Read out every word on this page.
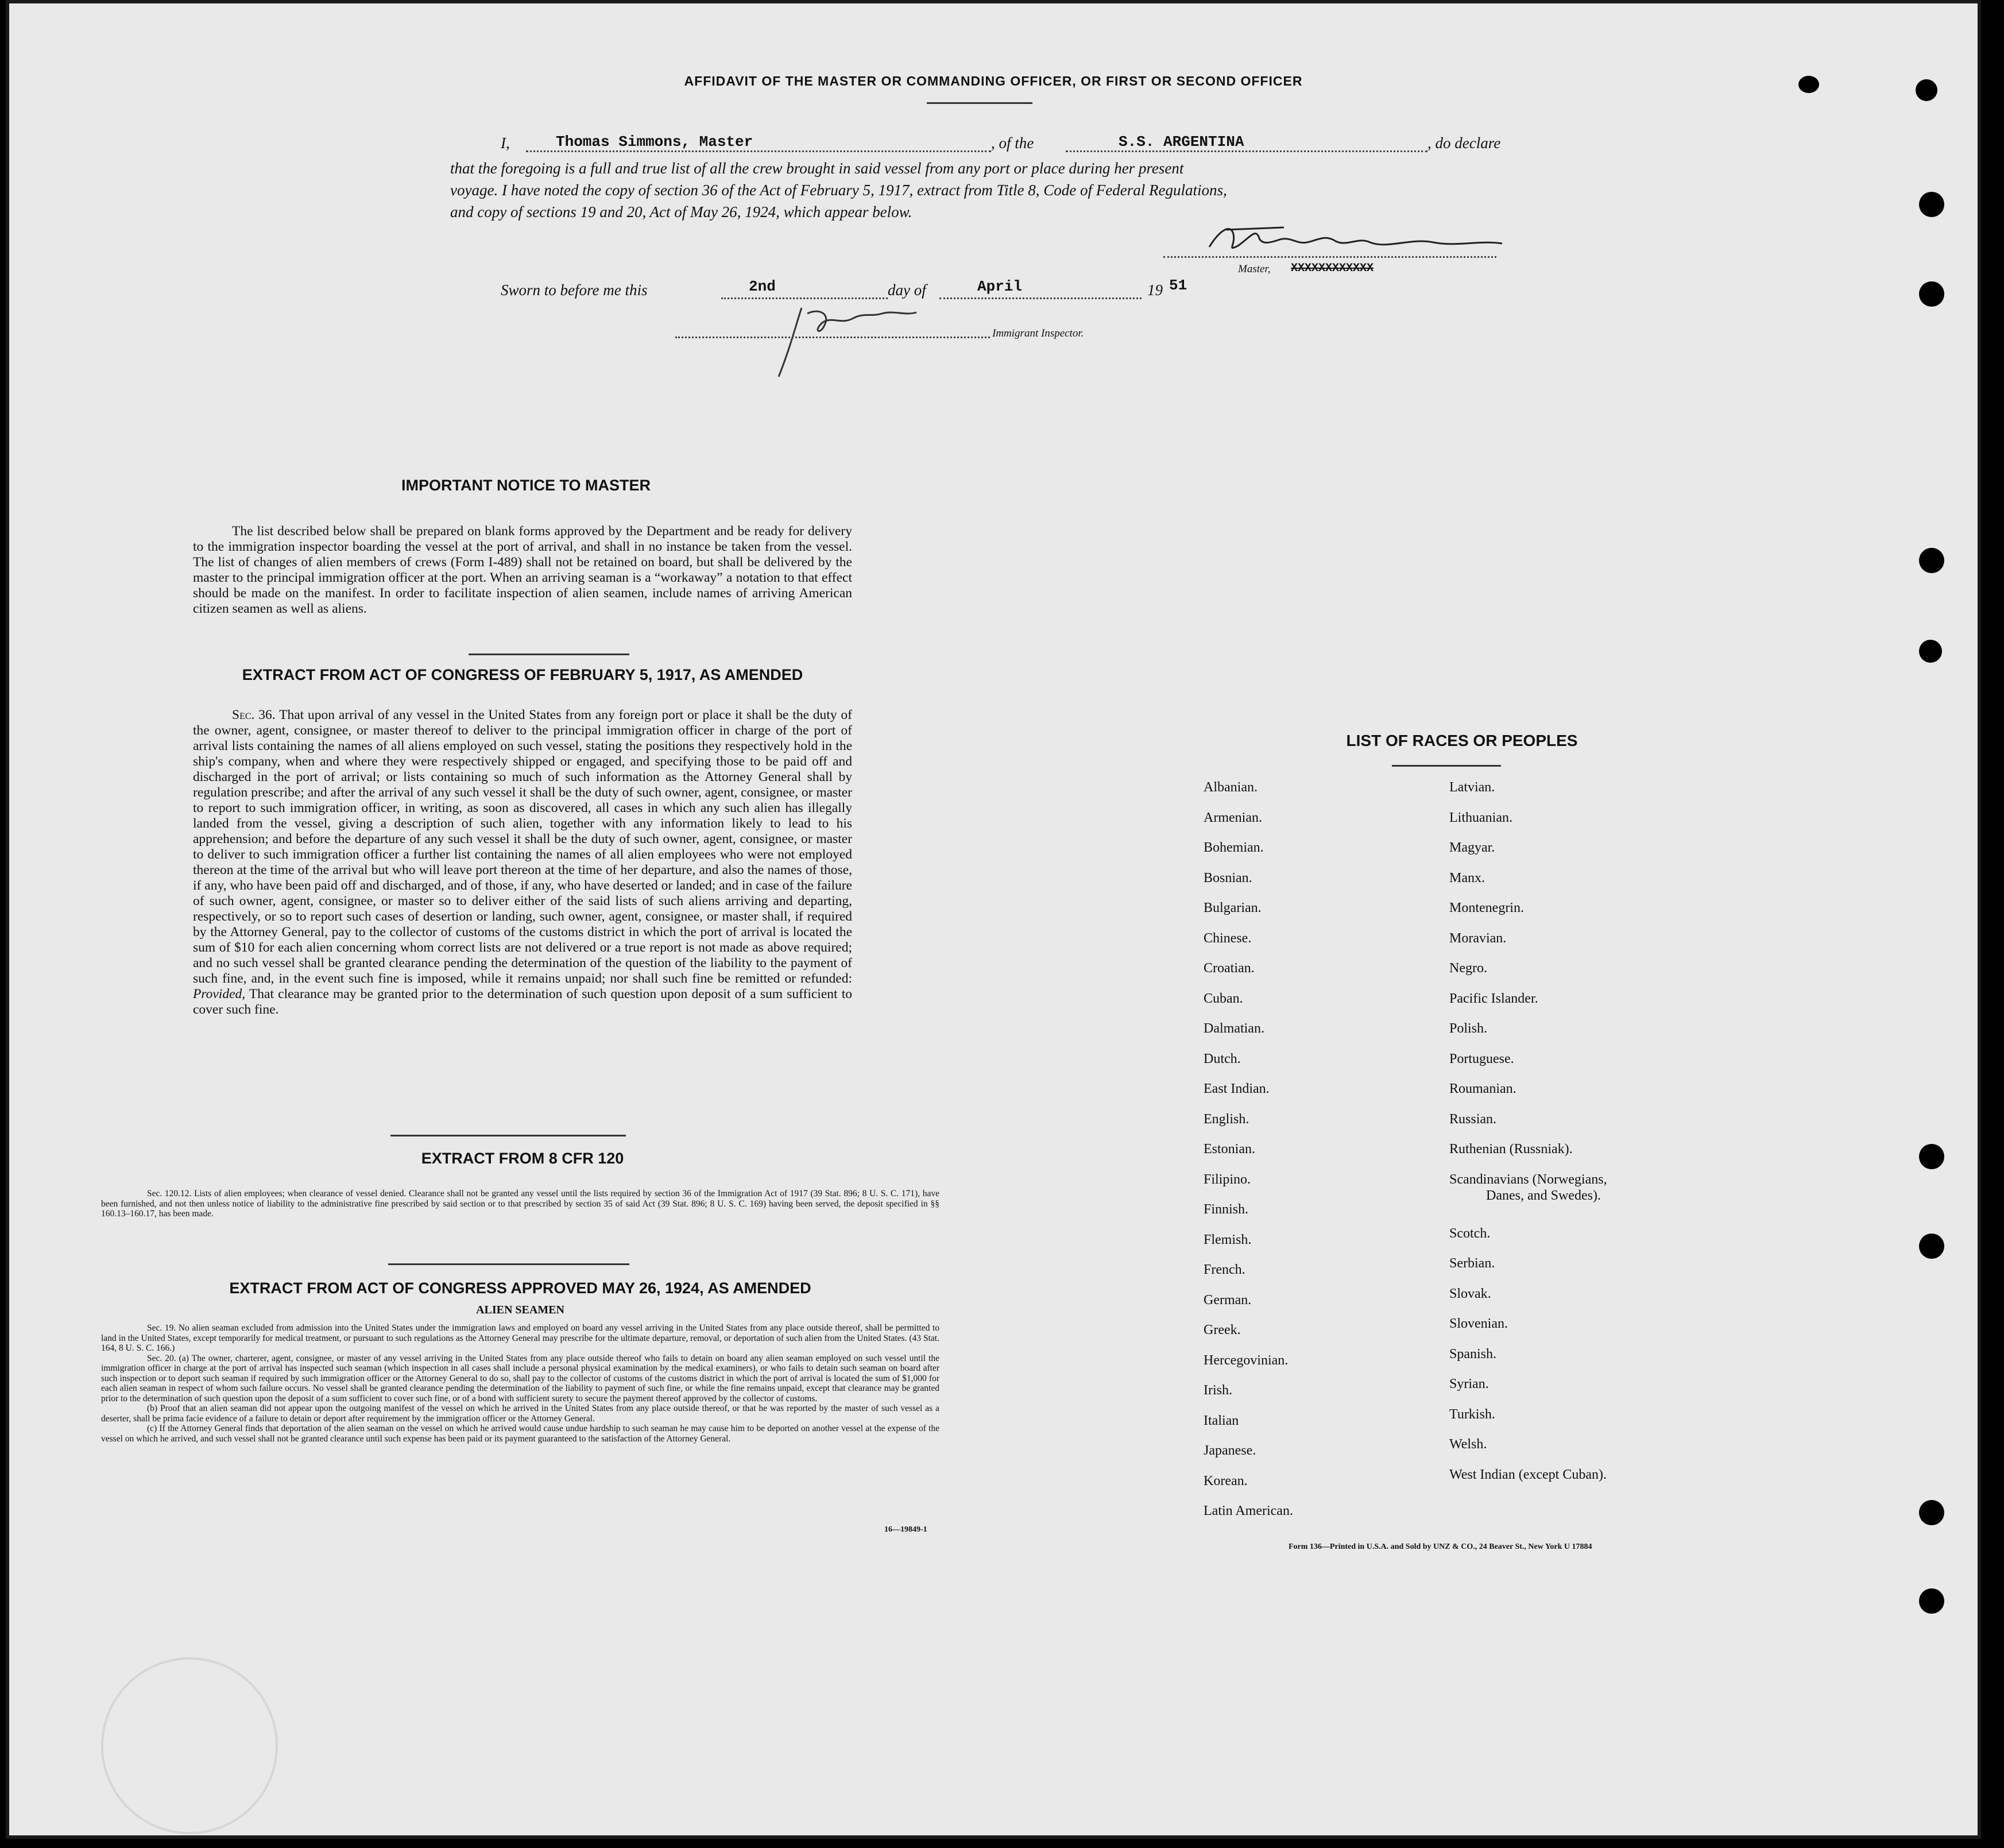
AFFIDAVIT OF THE MASTER OR COMMANDING OFFICER, OR FIRST OR SECOND OFFICER
I,	Thomas Simmons, Master	, of the	S.S. ARGENTINA	, do declare
that the foregoing is a full and true list of all the crew brought in said vessel from any port or place during her present
voyage. I have noted the copy of section 36 of the Act of February 5, 1917, extract from Title 8, Code of Federal Regulations,
and copy of sections 19 and 20, Act of May 26, 1924, which appear below.
Master, XXXXXXXXXXXX
Sworn to before me this	2nd	day of	April	19 51
Immigrant Inspector.
IMPORTANT NOTICE TO MASTER
The list described below shall be prepared on blank forms approved by the Department and be ready for delivery to the immigration inspector boarding the vessel at the port of arrival, and shall in no instance be taken from the vessel. The list of changes of alien members of crews (Form I-489) shall not be retained on board, but shall be delivered by the master to the principal immigration officer at the port. When an arriving seaman is a “workaway” a notation to that effect should be made on the manifest. In order to facilitate inspection of alien seamen, include names of arriving American citizen seamen as well as aliens.
EXTRACT FROM ACT OF CONGRESS OF FEBRUARY 5, 1917, AS AMENDED
Sec. 36. That upon arrival of any vessel in the United States from any foreign port or place it shall be the duty of the owner, agent, consignee, or master thereof to deliver to the principal immigration officer in charge of the port of arrival lists containing the names of all aliens employed on such vessel, stating the positions they respectively hold in the ship's company, when and where they were respectively shipped or engaged, and specifying those to be paid off and discharged in the port of arrival; or lists containing so much of such information as the Attorney General shall by regulation prescribe; and after the arrival of any such vessel it shall be the duty of such owner, agent, consignee, or master to report to such immigration officer, in writing, as soon as discovered, all cases in which any such alien has illegally landed from the vessel, giving a description of such alien, together with any information likely to lead to his apprehension; and before the departure of any such vessel it shall be the duty of such owner, agent, consignee, or master to deliver to such immigration officer a further list containing the names of all alien employees who were not employed thereon at the time of the arrival but who will leave port thereon at the time of her departure, and also the names of those, if any, who have been paid off and discharged, and of those, if any, who have deserted or landed; and in case of the failure of such owner, agent, consignee, or master so to deliver either of the said lists of such aliens arriving and departing, respectively, or so to report such cases of desertion or landing, such owner, agent, consignee, or master shall, if required by the Attorney General, pay to the collector of customs of the customs district in which the port of arrival is located the sum of $10 for each alien concerning whom correct lists are not delivered or a true report is not made as above required; and no such vessel shall be granted clearance pending the determination of the question of the liability to the payment of such fine, and, in the event such fine is imposed, while it remains unpaid; nor shall such fine be remitted or refunded: Provided, That clearance may be granted prior to the determination of such question upon deposit of a sum sufficient to cover such fine.
EXTRACT FROM 8 CFR 120
Sec. 120.12. Lists of alien employees; when clearance of vessel denied. Clearance shall not be granted any vessel until the lists required by section 36 of the Immigration Act of 1917 (39 Stat. 896; 8 U. S. C. 171), have been furnished, and not then unless notice of liability to the administrative fine prescribed by said section or to that prescribed by section 35 of said Act (39 Stat. 896; 8 U. S. C. 169) having been served, the deposit specified in §§ 160.13–160.17, has been made.
EXTRACT FROM ACT OF CONGRESS APPROVED MAY 26, 1924, AS AMENDED
ALIEN SEAMEN
Sec. 19. No alien seaman excluded from admission into the United States under the immigration laws and employed on board any vessel arriving in the United States from any place outside thereof, shall be permitted to land in the United States, except temporarily for medical treatment, or pursuant to such regulations as the Attorney General may prescribe for the ultimate departure, removal, or deportation of such alien from the United States. (43 Stat. 164, 8 U. S. C. 166.)
Sec. 20. (a) The owner, charterer, agent, consignee, or master of any vessel arriving in the United States from any place outside thereof who fails to detain on board any alien seaman employed on such vessel until the immigration officer in charge at the port of arrival has inspected such seaman (which inspection in all cases shall include a personal physical examination by the medical examiners), or who fails to detain such seaman on board after such inspection or to deport such seaman if required by such immigration officer or the Attorney General to do so, shall pay to the collector of customs of the customs district in which the port of arrival is located the sum of $1,000 for each alien seaman in respect of whom such failure occurs. No vessel shall be granted clearance pending the determination of the liability to payment of such fine, or while the fine remains unpaid, except that clearance may be granted prior to the determination of such question upon the deposit of a sum sufficient to cover such fine, or of a bond with sufficient surety to secure the payment thereof approved by the collector of customs.
(b) Proof that an alien seaman did not appear upon the outgoing manifest of the vessel on which he arrived in the United States from any place outside thereof, or that he was reported by the master of such vessel as a deserter, shall be prima facie evidence of a failure to detain or deport after requirement by the immigration officer or the Attorney General.
(c) If the Attorney General finds that deportation of the alien seaman on the vessel on which he arrived would cause undue hardship to such seaman he may cause him to be deported on another vessel at the expense of the vessel on which he arrived, and such vessel shall not be granted clearance until such expense has been paid or its payment guaranteed to the satisfaction of the Attorney General.
16—19849-1
LIST OF RACES OR PEOPLES
Albanian.
Armenian.
Bohemian.
Bosnian.
Bulgarian.
Chinese.
Croatian.
Cuban.
Dalmatian.
Dutch.
East Indian.
English.
Estonian.
Filipino.
Finnish.
Flemish.
French.
German.
Greek.
Hercegovinian.
Irish.
Italian
Japanese.
Korean.
Latin American.
Latvian.
Lithuanian.
Magyar.
Manx.
Montenegrin.
Moravian.
Negro.
Pacific Islander.
Polish.
Portuguese.
Roumanian.
Russian.
Ruthenian (Russniak).
Scandinavians (Norwegians,
Danes, and Swedes).
Scotch.
Serbian.
Slovak.
Slovenian.
Spanish.
Syrian.
Turkish.
Welsh.
West Indian (except Cuban).
Form 136—Printed in U.S.A. and Sold by UNZ & CO., 24 Beaver St., New York U 17884
